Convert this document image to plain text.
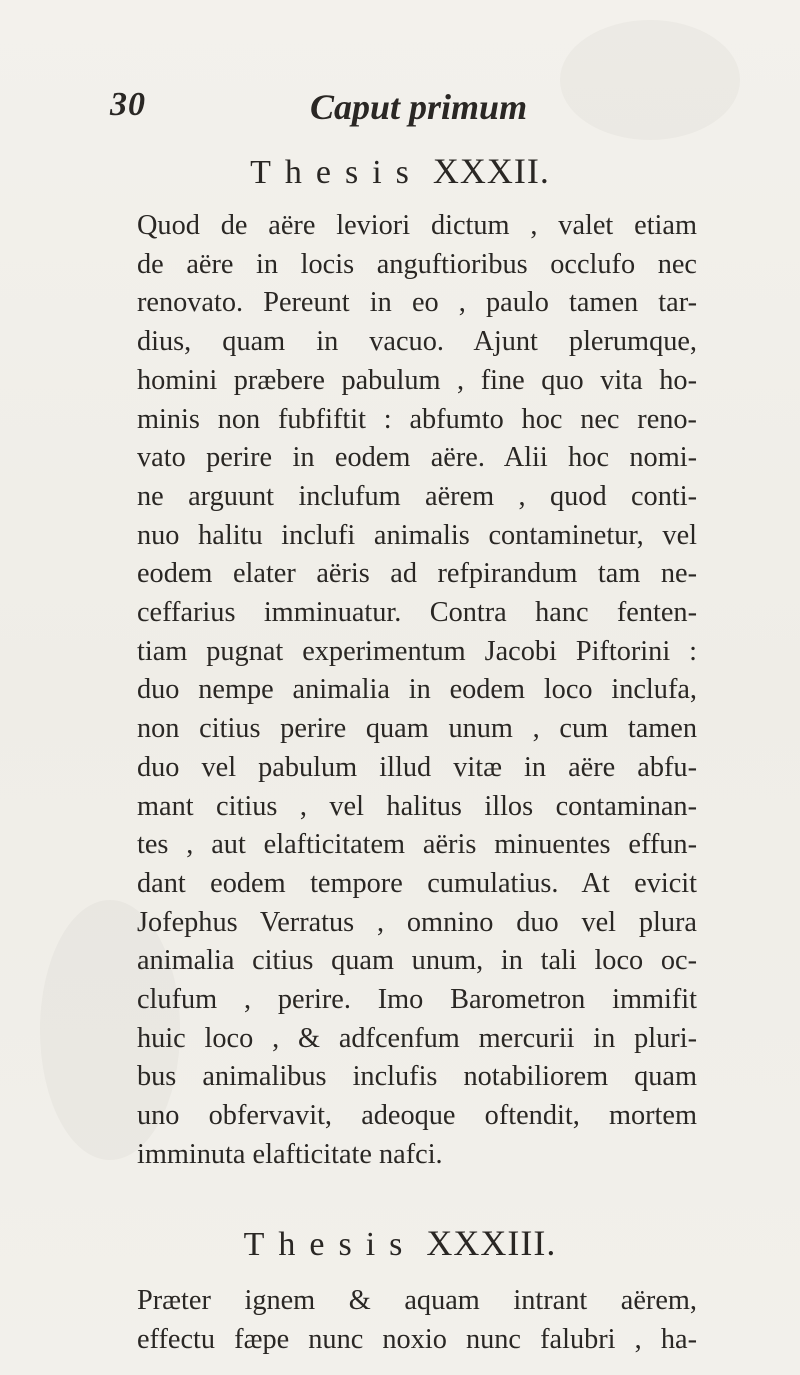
30	Caput primum
Thesis XXXII.

Quod de aëre leviori dictum , valet etiam
de aëre in locis anguftioribus occlufo nec
renovato. Pereunt in eo , paulo tamen tar-
dius, quam in vacuo. Ajunt plerumque,
homini præbere pabulum , fine quo vita ho-
minis non fubfiftit : abfumto hoc nec reno-
vato perire in eodem aëre. Alii hoc nomi-
ne arguunt inclufum aërem , quod conti-
nuo halitu inclufi animalis contaminetur, vel
eodem elater aëris ad refpirandum tam ne-
ceffarius imminuatur. Contra hanc fenten-
tiam pugnat experimentum Jacobi Piftorini :
duo nempe animalia in eodem loco inclufa,
non citius perire quam unum , cum tamen
duo vel pabulum illud vitæ in aëre abfu-
mant citius , vel halitus illos contaminan-
tes , aut elafticitatem aëris minuentes effun-
dant eodem tempore cumulatius. At evicit
Jofephus Verratus , omnino duo vel plura
animalia citius quam unum, in tali loco oc-
clufum , perire. Imo Barometron immifit
huic loco , & adfcenfum mercurii in pluri-
bus animalibus inclufis notabiliorem quam
uno obfervavit, adeoque oftendit, mortem
imminuta elafticitate nafci.

Thesis XXXIII.

Præter ignem & aquam intrant aërem,
effectu fæpe nunc noxio nunc falubri , ha-
